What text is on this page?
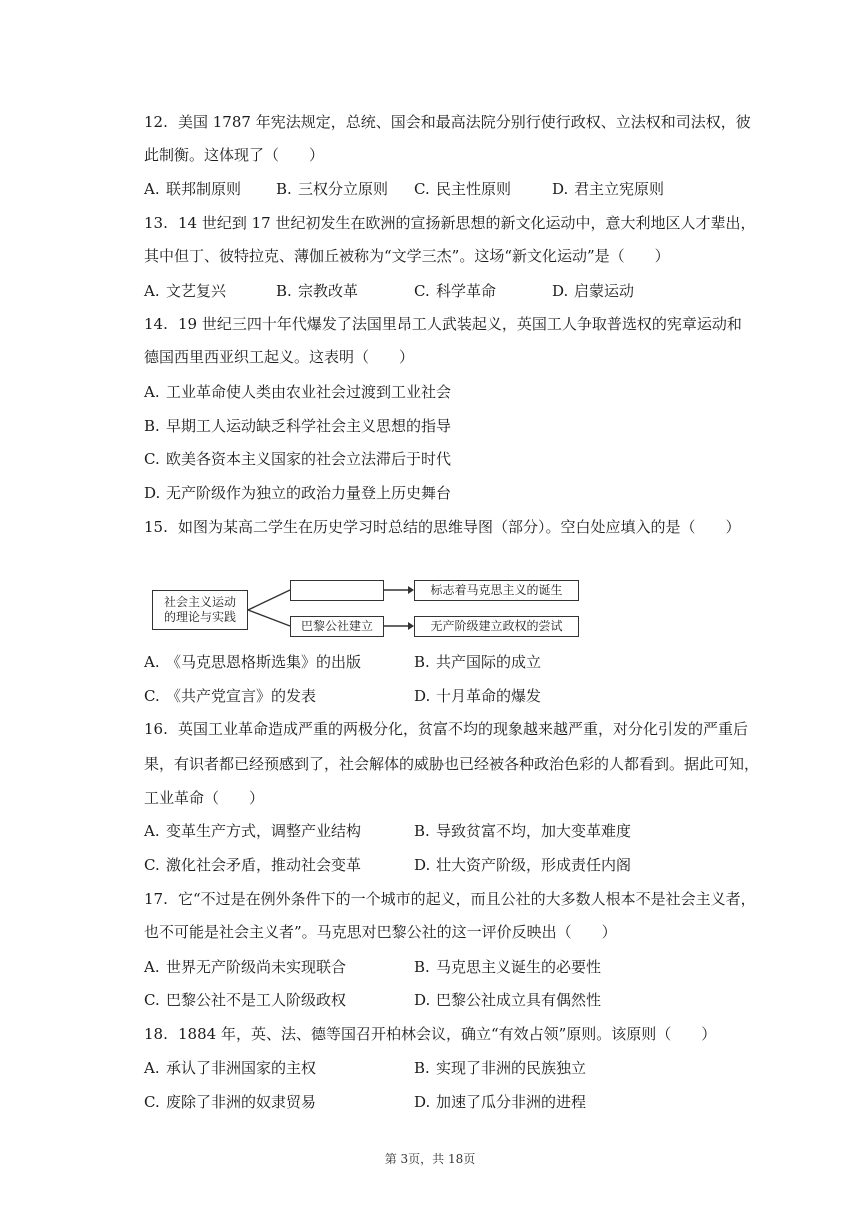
12. 美国 1787 年宪法规定，总统、国会和最高法院分别行使行政权、立法权和司法权，彼
此制衡。这体现了（　　）
A. 联邦制原则 B. 三权分立原则 C. 民主性原则	D. 君主立宪原则
13. 14 世纪到 17 世纪初发生在欧洲的宣扬新思想的新文化运动中，意大利地区人才辈出，
其中但丁、彼特拉克、薄伽丘被称为“文学三杰”。这场“新文化运动”是（　　）
A. 文艺复兴	B. 宗教改革	C. 科学革命	D. 启蒙运动
14. 19 世纪三四十年代爆发了法国里昂工人武装起义，英国工人争取普选权的宪章运动和
德国西里西亚织工起义。这表明（　　）
A. 工业革命使人类由农业社会过渡到工业社会
B. 早期工人运动缺乏科学社会主义思想的指导
C. 欧美各资本主义国家的社会立法滞后于时代
D. 无产阶级作为独立的政治力量登上历史舞台
15. 如图为某高二学生在历史学习时总结的思维导图（部分）。空白处应填入的是（　　）
社会主义运动的理论与实践
巴黎公社建立
标志着马克思主义的诞生
无产阶级建立政权的尝试
A. 《马克思恩格斯选集》的出版	B. 共产国际的成立
C. 《共产党宣言》的发表	D. 十月革命的爆发
16. 英国工业革命造成严重的两极分化，贫富不均的现象越来越严重，对分化引发的严重后
果，有识者都已经预感到了，社会解体的威胁也已经被各种政治色彩的人都看到。据此可知，
工业革命（　　）
A. 变革生产方式，调整产业结构	B. 导致贫富不均，加大变革难度
C. 激化社会矛盾，推动社会变革	D. 壮大资产阶级，形成责任内阁
17. 它“不过是在例外条件下的一个城市的起义，而且公社的大多数人根本不是社会主义者，
也不可能是社会主义者”。马克思对巴黎公社的这一评价反映出（　　）
A. 世界无产阶级尚未实现联合	B. 马克思主义诞生的必要性
C. 巴黎公社不是工人阶级政权	D. 巴黎公社成立具有偶然性
18. 1884 年，英、法、德等国召开柏林会议，确立“有效占领”原则。该原则（　　）
A. 承认了非洲国家的主权	B. 实现了非洲的民族独立
C. 废除了非洲的奴隶贸易	D. 加速了瓜分非洲的进程
第 3页，共 18页
